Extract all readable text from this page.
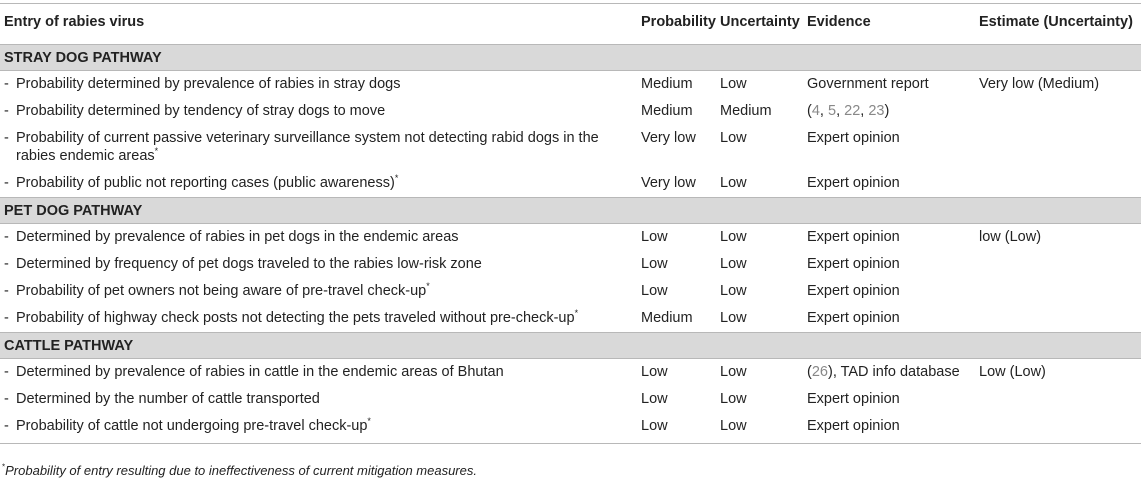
Entry of rabies virus	Probability	Uncertainty	Evidence	Estimate (Uncertainty)
STRAY DOG PATHWAY				

- Probability determined by prevalence of rabies in stray dogs	Medium	Low	Government report	Very low (Medium)

- Probability determined by tendency of stray dogs to move	Medium	Medium	(4, 5, 22, 23)	

- Probability of current passive veterinary surveillance system not detecting rabid dogs in the rabies endemic areas*	Very low	Low	Expert opinion	

- Probability of public not reporting cases (public awareness)*	Very low	Low	Expert opinion	
PET DOG PATHWAY				

- Determined by prevalence of rabies in pet dogs in the endemic areas	Low	Low	Expert opinion	low (Low)

- Determined by frequency of pet dogs traveled to the rabies low-risk zone	Low	Low	Expert opinion	

- Probability of pet owners not being aware of pre-travel check-up*	Low	Low	Expert opinion	

- Probability of highway check posts not detecting the pets traveled without pre-check-up*	Medium	Low	Expert opinion	
CATTLE PATHWAY				

- Determined by prevalence of rabies in cattle in the endemic areas of Bhutan	Low	Low	(26), TAD info database	Low (Low)

- Determined by the number of cattle transported	Low	Low	Expert opinion	

- Probability of cattle not undergoing pre-travel check-up*	Low	Low	Expert opinion	
*Probability of entry resulting due to ineffectiveness of current mitigation measures.
